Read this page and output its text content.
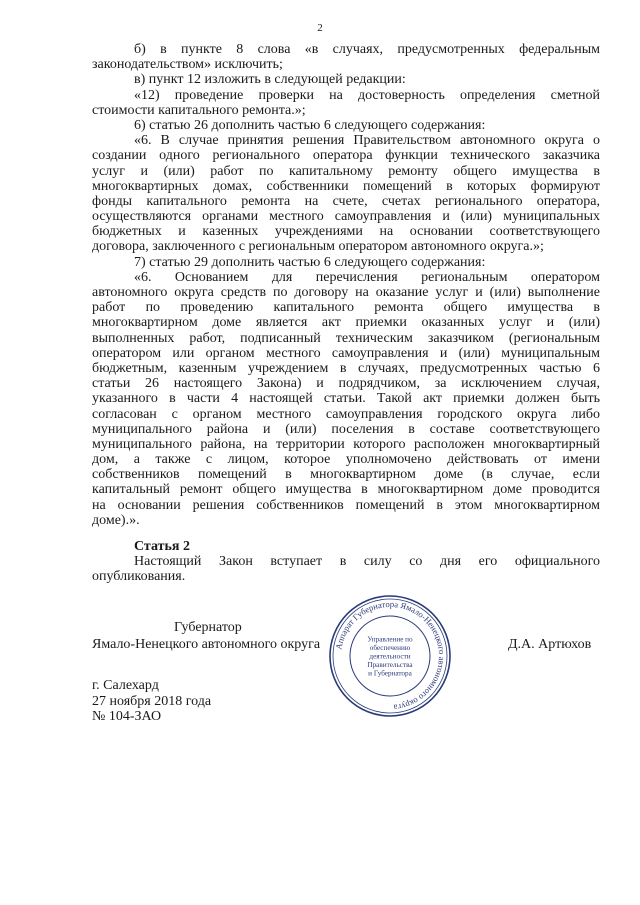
2
б) в пункте 8 слова «в случаях, предусмотренных федеральным
законодательством» исключить;
в) пункт 12 изложить в следующей редакции:
«12) проведение проверки на достоверность определения сметной
стоимости капитального ремонта.»;
6) статью 26 дополнить частью 6 следующего содержания:
«6. В случае принятия решения Правительством автономного округа о
создании одного регионального оператора функции технического заказчика
услуг и (или) работ по капитальному ремонту общего имущества в
многоквартирных домах, собственники помещений в которых формируют
фонды капитального ремонта на счете, счетах регионального оператора,
осуществляются органами местного самоуправления и (или) муниципальных
бюджетных и казенных учреждениями на основании соответствующего
договора, заключенного с региональным оператором автономного округа.»;
7) статью 29 дополнить частью 6 следующего содержания:
«6. Основанием для перечисления региональным оператором
автономного округа средств по договору на оказание услуг и (или) выполнение
работ по проведению капитального ремонта общего имущества в
многоквартирном доме является акт приемки оказанных услуг и (или)
выполненных работ, подписанный техническим заказчиком (региональным
оператором или органом местного самоуправления и (или) муниципальным
бюджетным, казенным учреждением в случаях, предусмотренных частью 6
статьи 26 настоящего Закона) и подрядчиком, за исключением случая,
указанного в части 4 настоящей статьи. Такой акт приемки должен быть
согласован с органом местного самоуправления городского округа либо
муниципального района и (или) поселения в составе соответствующего
муниципального района, на территории которого расположен многоквартирный
дом, а также с лицом, которое уполномочено действовать от имени
собственников помещений в многоквартирном доме (в случае, если
капитальный ремонт общего имущества в многоквартирном доме проводится
на основании решения собственников помещений в этом многоквартирном
доме).».
Статья 2
Настоящий Закон вступает в силу со дня его официального
опубликования.
Губернатор
Ямало-Ненецкого автономного округа	Д.А. Артюхов
г. Салехард
27 ноября 2018 года
№ 104-ЗАО
Аппарат Губернатора Ямало-Ненецкого автономного округа
Управление по
обеспечению
деятельности
Правительства
и Губернатора
